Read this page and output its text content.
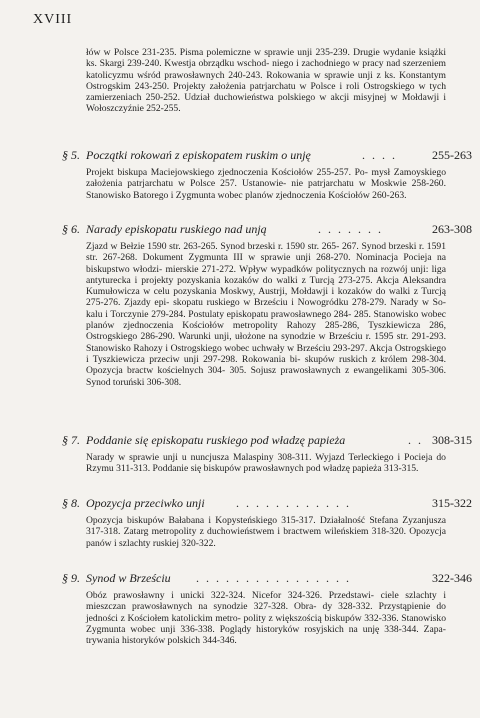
XVIII

łów w Polsce 231-235. Pisma polemiczne w sprawie unji 235-239. Drugie wydanie książki ks. Skargi 239-240. Kwestja obrządku wschod- niego i zachodniego w pracy nad szerzeniem katolicyzmu wśród prawosławnych 240-243. Rokowania w sprawie unji z ks. Konstantym Ostrogskim 243-250. Projekty założenia patrjarchatu w Polsce i roli Ostrogskiego w tych zamierzeniach 250-252. Udział duchowieństwa polskiego w akcji misyjnej w Mołdawji i Wołoszczyźnie 252-255.

§ 5. Początki rokowań z episkopatem ruskim o unję	. . . .	255-263

Projekt biskupa Maciejowskiego zjednoczenia Kościołów 255-257. Po- mysł Zamoyskiego założenia patrjarchatu w Polsce 257. Ustanowie- nie patrjarchatu w Moskwie 258-260. Stanowisko Batorego i Zygmunta wobec planów zjednoczenia Kościołów 260-263.

§ 6. Narady episkopatu ruskiego nad unją	. . . . . . .	263-308

Zjazd w Bełzie 1590 str. 263-265. Synod brzeski r. 1590 str. 265- 267. Synod brzeski r. 1591 str. 267-268. Dokument Zygmunta III w sprawie unji 268-270. Nominacja Pocieja na biskupstwo włodzi- mierskie 271-272. Wpływ wypadków politycznych na rozwój unji: liga antyturecka i projekty pozyskania kozaków do walki z Turcją 273-275. Akcja Aleksandra Kumułowicza w celu pozyskania Moskwy, Austrji, Mołdawji i kozaków do walki z Turcją 275-276. Zjazdy epi- skopatu ruskiego w Brześciu i Nowogródku 278-279. Narady w So- kalu i Torczynie 279-284. Postulaty episkopatu prawosławnego 284- 285. Stanowisko wobec planów zjednoczenia Kościołów metropolity Rahozy 285-286, Tyszkiewicza 286, Ostrogskiego 286-290. Warunki unji, ułożone na synodzie w Brześciu r. 1595 str. 291-293. Stanowisko Rahozy i Ostrogskiego wobec uchwały w Brześciu 293-297. Akcja Ostrogskiego i Tyszkiewicza przeciw unji 297-298. Rokowania bi- skupów ruskich z królem 298-304. Opozycja bractw kościelnych 304- 305. Sojusz prawosławnych z ewangelikami 305-306. Synod toruński 306-308.

§ 7. Poddanie się episkopatu ruskiego pod władzę papieża	. . 308-315

Narady w sprawie unji u nuncjusza Malaspiny 308-311. Wyjazd Terleckiego i Pocieja do Rzymu 311-313. Poddanie się biskupów prawosławnych pod władzę papieża 313-315.

§ 8. Opozycja przeciwko unji	. . . . . . . . . . . .	315-322

Opozycja biskupów Bałabana i Kopysteńskiego 315-317. Działalność Stefana Zyzanjusza 317-318. Zatarg metropolity z duchowieństwem i bractwem wileńskiem 318-320. Opozycja panów i szlachty ruskiej 320-322.

§ 9. Synod w Brześciu . . . . . . . . . . . . . . . .	322-346

Obóz prawosławny i unicki 322-324. Nicefor 324-326. Przedstawi- ciele szlachty i mieszczan prawosławnych na synodzie 327-328. Obra- dy 328-332. Przystąpienie do jedności z Kościołem katolickim metro- polity z większością biskupów 332-336. Stanowisko Zygmunta wobec unji 336-338. Poglądy historyków rosyjskich na unję 338-344. Zapa- trywania historyków polskich 344-346.
